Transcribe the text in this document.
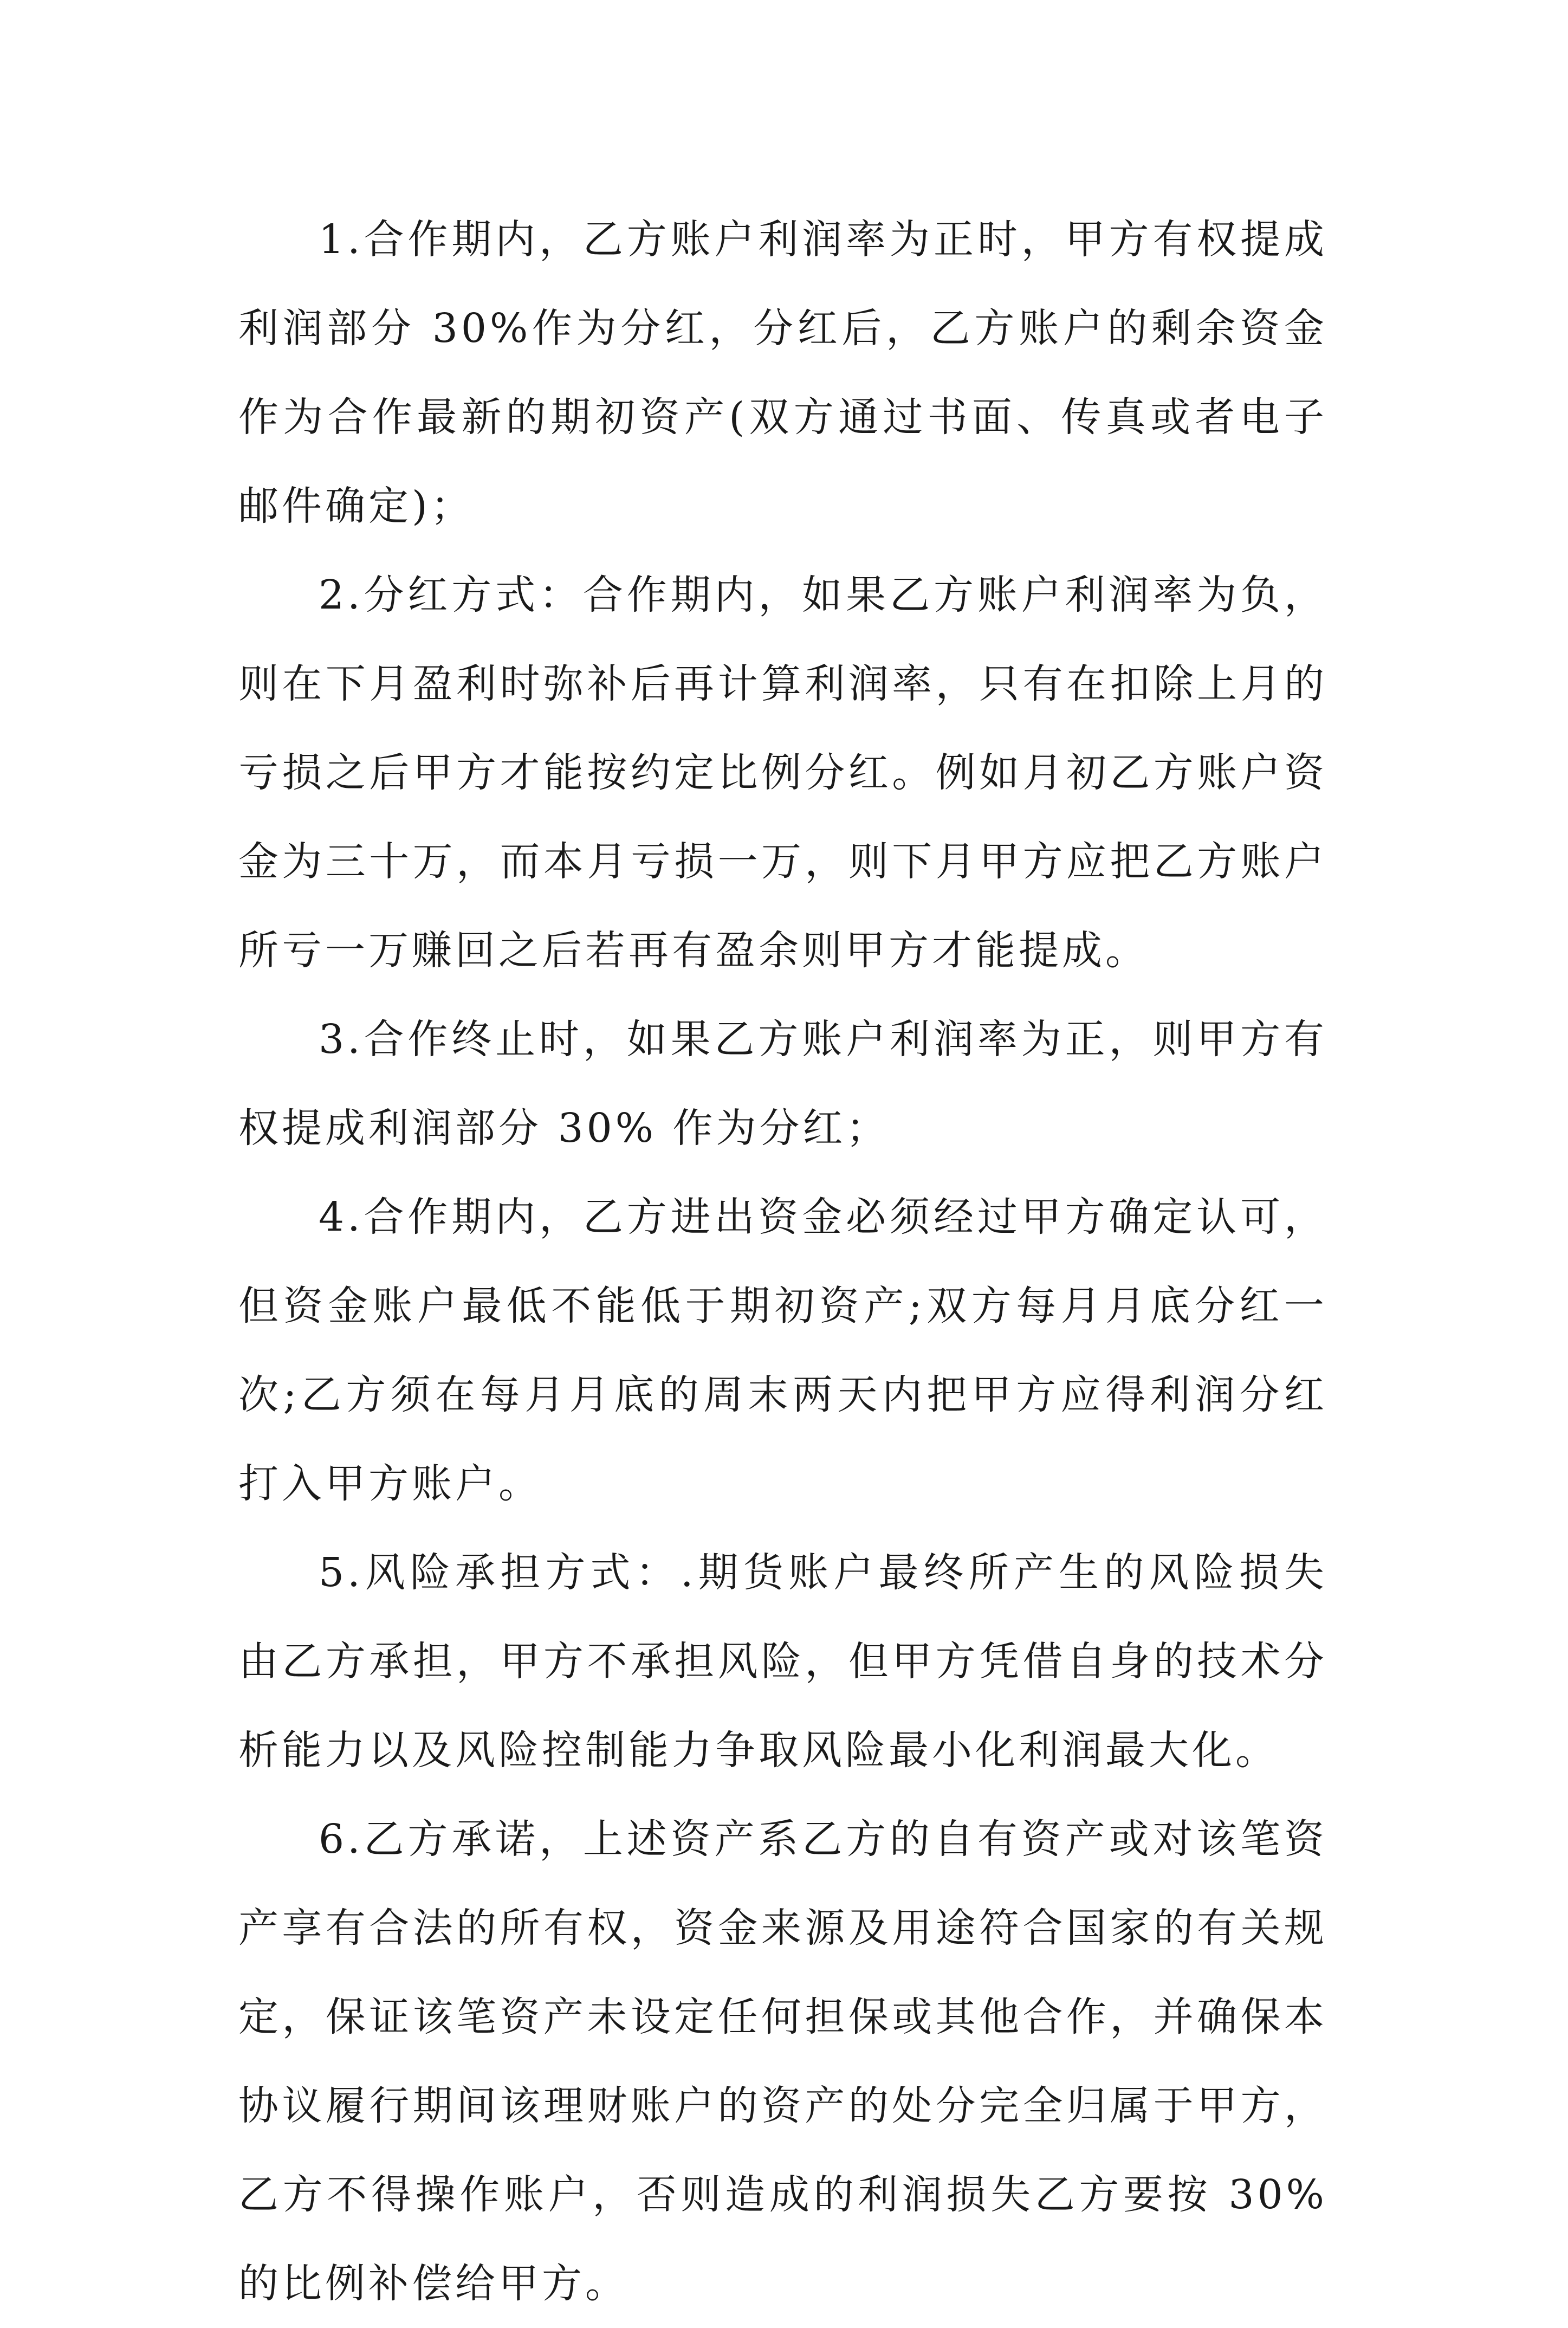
1.合作期内，乙方账户利润率为正时，甲方有权提成利润部分 30%作为分红，分红后，乙方账户的剩余资金作为合作最新的期初资产(双方通过书面、传真或者电子邮件确定)；

2.分红方式：合作期内，如果乙方账户利润率为负，则在下月盈利时弥补后再计算利润率，只有在扣除上月的亏损之后甲方才能按约定比例分红。例如月初乙方账户资金为三十万，而本月亏损一万，则下月甲方应把乙方账户所亏一万赚回之后若再有盈余则甲方才能提成。

3.合作终止时，如果乙方账户利润率为正，则甲方有权提成利润部分 30% 作为分红；

4.合作期内，乙方进出资金必须经过甲方确定认可，但资金账户最低不能低于期初资产;双方每月月底分红一次;乙方须在每月月底的周末两天内把甲方应得利润分红打入甲方账户。

5.风险承担方式：.期货账户最终所产生的风险损失由乙方承担，甲方不承担风险，但甲方凭借自身的技术分析能力以及风险控制能力争取风险最小化利润最大化。

6.乙方承诺，上述资产系乙方的自有资产或对该笔资产享有合法的所有权，资金来源及用途符合国家的有关规定，保证该笔资产未设定任何担保或其他合作，并确保本协议履行期间该理财账户的资产的处分完全归属于甲方，乙方不得操作账户，否则造成的利润损失乙方要按 30%的比例补偿给甲方。
